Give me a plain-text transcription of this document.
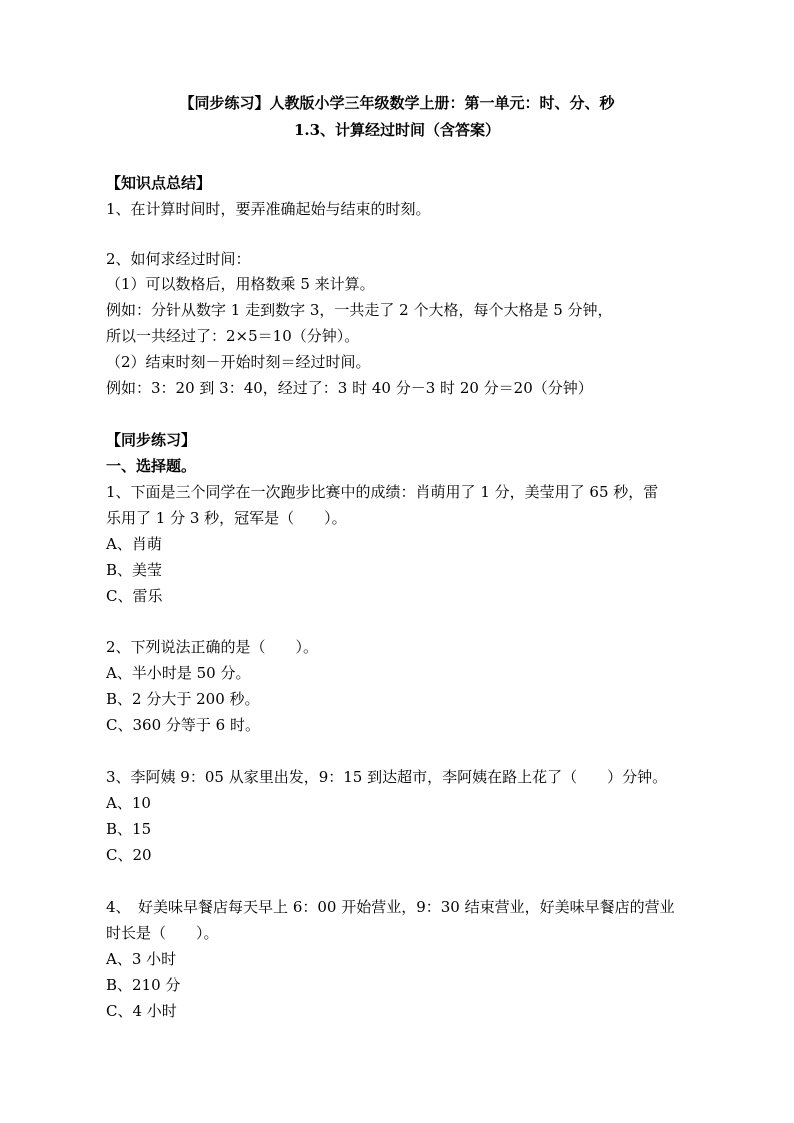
【同步练习】人教版小学三年级数学上册：第一单元：时、分、秒
1.3、计算经过时间（含答案）
【知识点总结】
1、在计算时间时，要弄准确起始与结束的时刻。
2、如何求经过时间：
（1）可以数格后，用格数乘 5 来计算。
例如：分针从数字 1 走到数字 3，一共走了 2 个大格，每个大格是 5 分钟，
所以一共经过了：2×5＝10（分钟）。
（2）结束时刻－开始时刻＝经过时间。
例如：3：20 到 3：40，经过了：3 时 40 分－3 时 20 分＝20（分钟）
【同步练习】
一、选择题。
1、下面是三个同学在一次跑步比赛中的成绩：肖萌用了 1 分，美莹用了 65 秒，雷
乐用了 1 分 3 秒，冠军是（　　）。
A、肖萌
B、美莹
C、雷乐
2、下列说法正确的是（　　）。
A、半小时是 50 分。
B、2 分大于 200 秒。
C、360 分等于 6 时。
3、李阿姨 9：05 从家里出发，9：15 到达超市，李阿姨在路上花了（　　）分钟。
A、10
B、15
C、20
4、　好美味早餐店每天早上 6：00 开始营业，9：30 结束营业，好美味早餐店的营业
时长是（　　）。
A、3 小时
B、210 分
C、4 小时
